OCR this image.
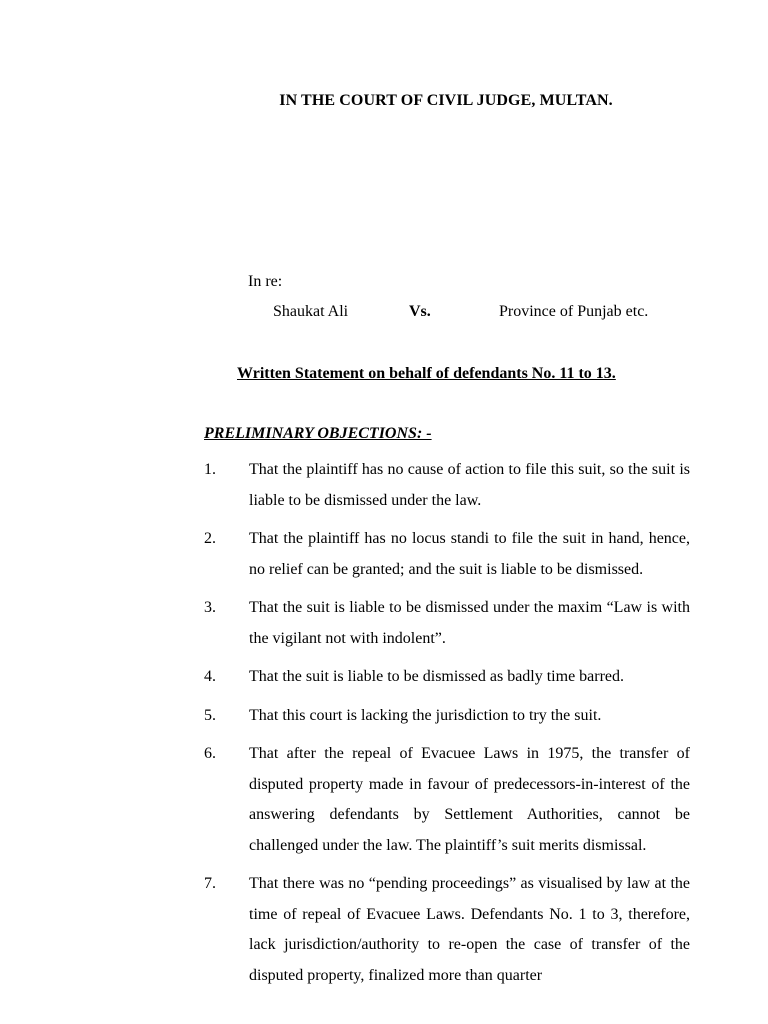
IN THE COURT OF CIVIL JUDGE, MULTAN.
In re:
Shaukat Ali	Vs.	Province of Punjab etc.
Written Statement on behalf of defendants No. 11 to 13.
PRELIMINARY OBJECTIONS: -
1. That the plaintiff has no cause of action to file this suit, so the suit is liable to be dismissed under the law.
2. That the plaintiff has no locus standi to file the suit in hand, hence, no relief can be granted; and the suit is liable to be dismissed.
3. That the suit is liable to be dismissed under the maxim “Law is with the vigilant not with indolent”.
4. That the suit is liable to be dismissed as badly time barred.
5. That this court is lacking the jurisdiction to try the suit.
6. That after the repeal of Evacuee Laws in 1975, the transfer of disputed property made in favour of predecessors-in-interest of the answering defendants by Settlement Authorities, cannot be challenged under the law. The plaintiff’s suit merits dismissal.
7. That there was no “pending proceedings” as visualised by law at the time of repeal of Evacuee Laws. Defendants No. 1 to 3, therefore, lack jurisdiction/authority to re-open the case of transfer of the disputed property, finalized more than quarter
